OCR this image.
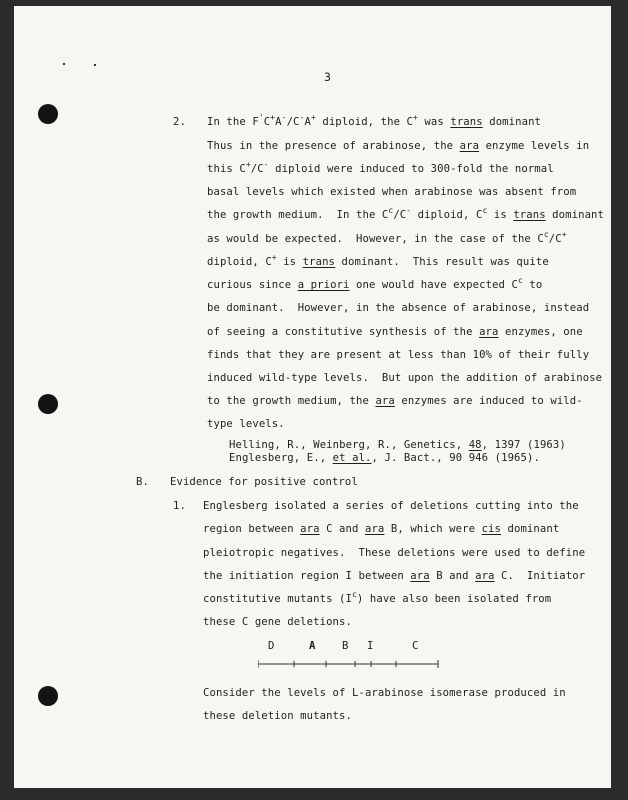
3
2. In the F'C+A-/C-A+ diploid, the C+ was trans dominant
Thus in the presence of arabinose, the ara enzyme levels in
this C+/C- diploid were induced to 300-fold the normal
basal levels which existed when arabinose was absent from
the growth medium.  In the $C^c/C^-$ diploid, $C^c$ is trans dominant
as would be expected.  However, in the case of the $C^c/C^+$
diploid, C+ is trans dominant.  This result was quite
curious since a priori one would have expected $C^c$ to
be dominant.  However, in the absence of arabinose, instead
of seeing a constitutive synthesis of the ara enzymes, one
finds that they are present at less than 10% of their fully
induced wild-type levels.  But upon the addition of arabinose
to the growth medium, the ara enzymes are induced to wild-
type levels.
Helling, R., Weinberg, R., Genetics, 48, 1397 (1963)
Englesberg, E., et al., J. Bact., 90 946 (1965).
B. Evidence for positive control
1. Englesberg isolated a series of deletions cutting into the
region between ara C and ara B, which were cis dominant
pleiotropic negatives.  These deletions were used to define
the initiation region I between ara B and ara C.  Initiator
constitutive mutants $(I^c)$ have also been isolated from
these C gene deletions.
D	A	B I	C
Consider the levels of L-arabinose isomerase produced in
these deletion mutants.
